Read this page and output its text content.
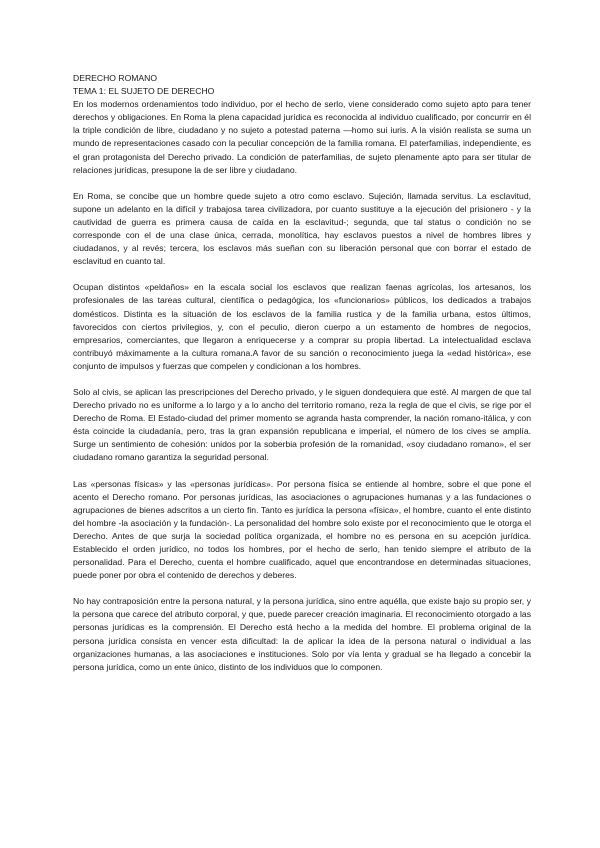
DERECHO ROMANO

TEMA 1: EL SUJETO DE DERECHO

En los modernos ordenamientos todo individuo, por el hecho de serlo, viene considerado como sujeto apto para tener derechos y obligaciones. En Roma la plena capacidad jurídica es reconocida al individuo cualificado, por concurrir en él la triple condición de libre, ciudadano y no sujeto a potestad paterna —homo sui iuris. A la visión realista se suma un mundo de representaciones casado con la peculiar concepción de la familia romana. El paterfamilias, independiente, es el gran protagonista del Derecho privado. La condición de paterfamilias, de sujeto plenamente apto para ser titular de relaciones jurídicas, presupone la de ser libre y ciudadano.

En Roma, se concibe que un hombre quede sujeto a otro como esclavo. Sujeción, llamada servitus. La esclavitud, supone un adelanto en la difícil y trabajosa tarea civilizadora, por cuanto sustituye a la ejecución del prisionero - y la cautividad de guerra es primera causa de caída en la esclavitud-; segunda, que tal status o condición no se corresponde con el de una clase única, cerrada, monolítica, hay esclavos puestos a nivel de hombres libres y ciudadanos, y al revés; tercera, los esclavos más sueñan con su liberación personal que con borrar el estado de esclavitud en cuanto tal.

Ocupan distintos «peldaños» en la escala social los esclavos que realizan faenas agrícolas, los artesanos, los profesionales de las tareas cultural, científica o pedagógica, los «funcionarios» públicos, los dedicados a trabajos domésticos. Distinta es la situación de los esclavos de la familia rustica y de la familia urbana, estos últimos, favorecidos con ciertos privilegios, y, con el peculio, dieron cuerpo a un estamento de hombres de negocios, empresarios, comerciantes, que llegaron a enriquecerse y a comprar su propia libertad. La intelectualidad esclava contribuyó máximamente a la cultura romana.A favor de su sanción o reconocimiento juega la «edad histórica», ese conjunto de impulsos y fuerzas que compelen y condicionan a los hombres.

Solo al civis, se aplican las prescripciones del Derecho privado, y le siguen dondequiera que esté. Al margen de que tal Derecho privado no es uniforme a lo largo y a lo ancho del territorio romano, reza la regla de que el civis, se rige por el Derecho de Roma. El Estado-ciudad del primer momento se agranda hasta comprender, la nación romano-itálica, y con ésta coincide la ciudadanía, pero, tras la gran expansión republicana e imperial, el número de los cives se amplía. Surge un sentimiento de cohesión: unidos por la soberbia profesión de la romanidad, «soy ciudadano romano», el ser ciudadano romano garantiza la seguridad personal.

Las «personas físicas» y las «personas jurídicas». Por persona física se entiende al hombre, sobre el que pone el acento el Derecho romano. Por personas jurídicas, las asociaciones o agrupaciones humanas y a las fundaciones o agrupaciones de bienes adscritos a un cierto fin. Tanto es jurídica la persona «física», el hombre, cuanto el ente distinto del hombre -la asociación y la fundación-. La personalidad del hombre solo existe por el reconocimiento que le otorga el Derecho. Antes de que surja la sociedad política organizada, el hombre no es persona en su acepción jurídica. Establecido el orden jurídico, no todos los hombres, por el hecho de serlo, han tenido siempre el atributo de la personalidad. Para el Derecho, cuenta el hombre cualificado, aquel que encontrandose en determinadas situaciones, puede poner por obra el contenido de derechos y deberes.

No hay contraposición entre la persona natural, y la persona jurídica, sino entre aquélla, que existe bajo su propio ser, y la persona que carece del atributo corporal, y que, puede parecer creación imaginaria. El reconocimiento otorgado a las personas jurídicas es la comprensión. El Derecho está hecho a la medida del hombre. El problema original de la persona jurídica consista en vencer esta dificultad: la de aplicar la idea de la persona natural o individual a las organizaciones humanas, a las asociaciones e instituciones. Solo por vía lenta y gradual se ha llegado a concebir la persona jurídica, como un ente único, distinto de los individuos que lo componen.
